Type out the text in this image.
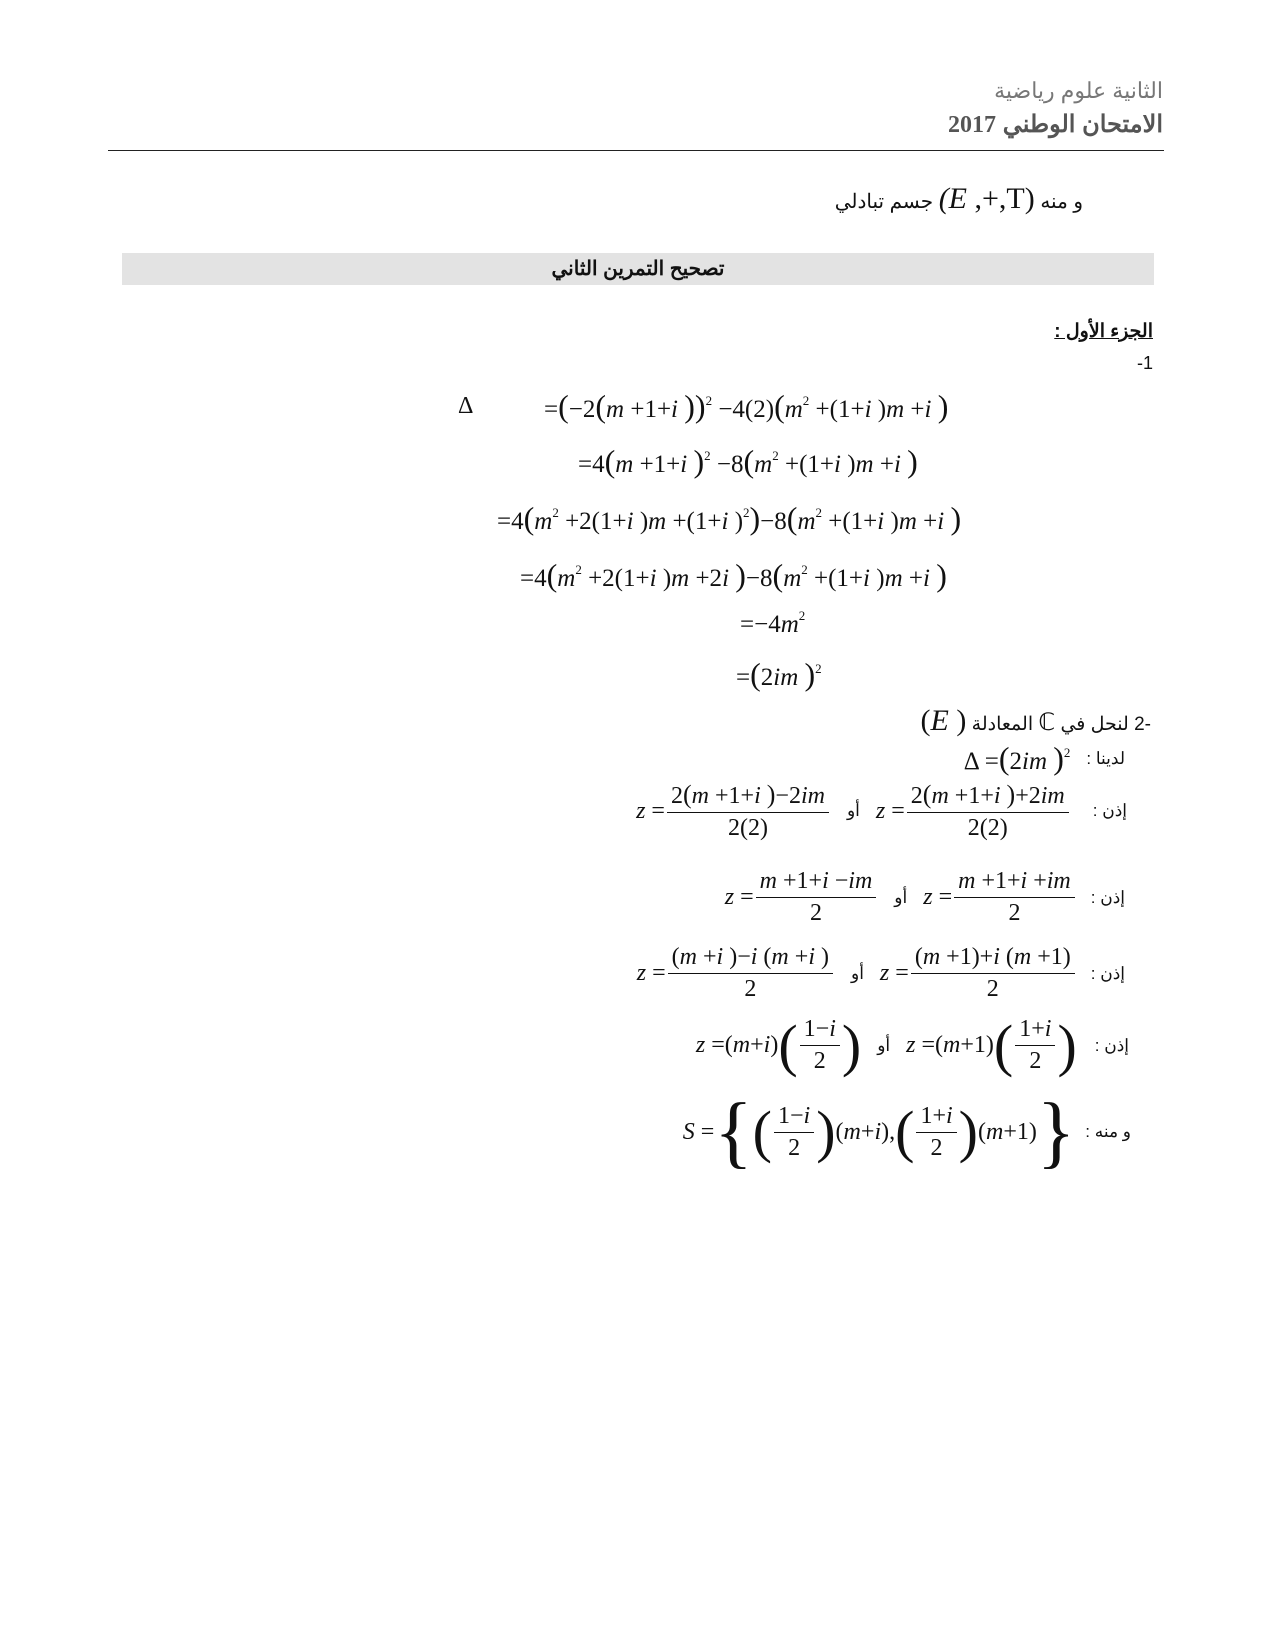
الثانية علوم رياضية
الامتحان الوطني 2017
و منه (E ,+,T) جسم تبادلي
تصحيح التمرين الثاني
الجزء الأول :
-1
Δ	=(−2(m +1+i ))$^2 -4(2)(m^2 +(1+i$ )m +i )
=4(m +1+i )$^2 -8(m^2 +(1+i$ )m +i )
$=4(m^2 +2(1+i$ )m +(1+i )$^2)-8(m^2 +(1+i$ )m +i )
$=4(m^2 +2(1+i$ )m +2i )$-8(m^2 +(1+i$ )m +i )
$=-4m^2$
=(2im )$^2$
-2 لنحل في ℂ المعادلة (E )
Δ =(2im )$^2$ لدينا :
$z = \frac{2(m +1+i )-2im}{2(2)}$ أو $z = \frac{2(m +1+i )+2im}{2(2)}$ إذن :
$z = \frac{m +1+i -im}{2}$ أو $z = \frac{m +1+i +im}{2}$ إذن :
$z = \frac{(m +i )-i (m +i )}{2}$ أو $z = \frac{(m +1)+i (m +1)}{2}$ إذن :
z =( m + i ) ( $\frac{1-i}{2}$ ) أو z =( m +1) ( $\frac{1+i}{2}$ ) إذن :
S = { ( $\frac{1-i}{2}$ ) ( m + i ), ( $\frac{1+i}{2}$ ) ( m +1) } و منه :
